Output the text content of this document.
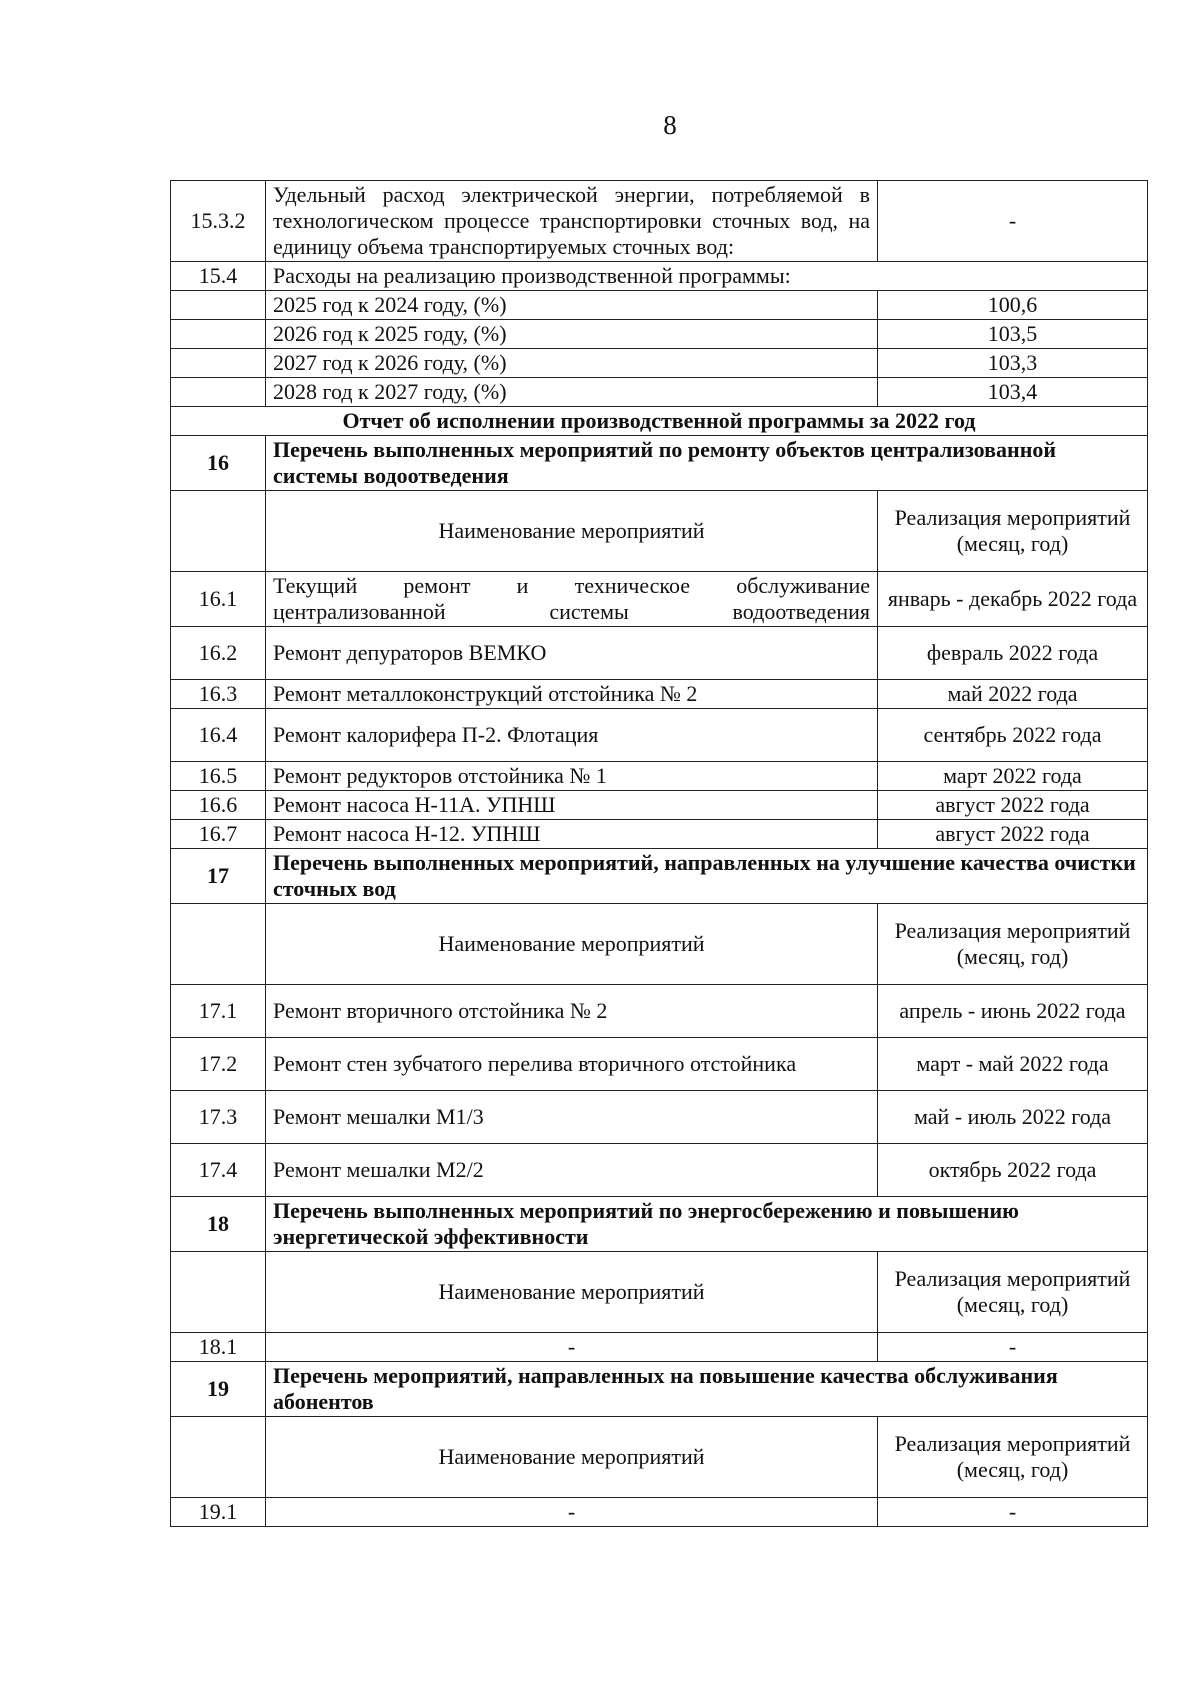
8
15.3.2	Удельный расход электрической энергии, потребляемой в технологическом процессе транспортировки сточных вод, на единицу объема транспортируемых сточных вод:	-
15.4	Расходы на реализацию производственной программы:	
	2025 год к 2024 году, (%)	100,6
	2026 год к 2025 году, (%)	103,5
	2027 год к 2026 году, (%)	103,3
	2028 год к 2027 году, (%)	103,4
Отчет об исполнении производственной программы за 2022 год		
16	Перечень выполненных мероприятий по ремонту объектов централизованной системы водоотведения	
	Наименование мероприятий	Реализация мероприятий (месяц, год)
16.1	Текущий ремонт и техническое обслуживание централизованной системы водоотведения	январь - декабрь 2022 года
16.2	Ремонт депураторов ВЕМКО	февраль 2022 года
16.3	Ремонт металлоконструкций отстойника № 2	май 2022 года
16.4	Ремонт калорифера П-2. Флотация	сентябрь 2022 года
16.5	Ремонт редукторов отстойника № 1	март 2022 года
16.6	Ремонт насоса Н-11А. УПНШ	август 2022 года
16.7	Ремонт насоса Н-12. УПНШ	август 2022 года
17	Перечень выполненных мероприятий, направленных на улучшение качества очистки сточных вод	
	Наименование мероприятий	Реализация мероприятий (месяц, год)
17.1	Ремонт вторичного отстойника № 2	апрель - июнь 2022 года
17.2	Ремонт стен зубчатого перелива вторичного отстойника	март - май 2022 года
17.3	Ремонт мешалки М1/3	май - июль 2022 года
17.4	Ремонт мешалки М2/2	октябрь 2022 года
18	Перечень выполненных мероприятий по энергосбережению и повышению энергетической эффективности	
	Наименование мероприятий	Реализация мероприятий (месяц, год)
18.1	-	-
19	Перечень мероприятий, направленных на повышение качества обслуживания абонентов	
	Наименование мероприятий	Реализация мероприятий (месяц, год)
19.1	-	-
